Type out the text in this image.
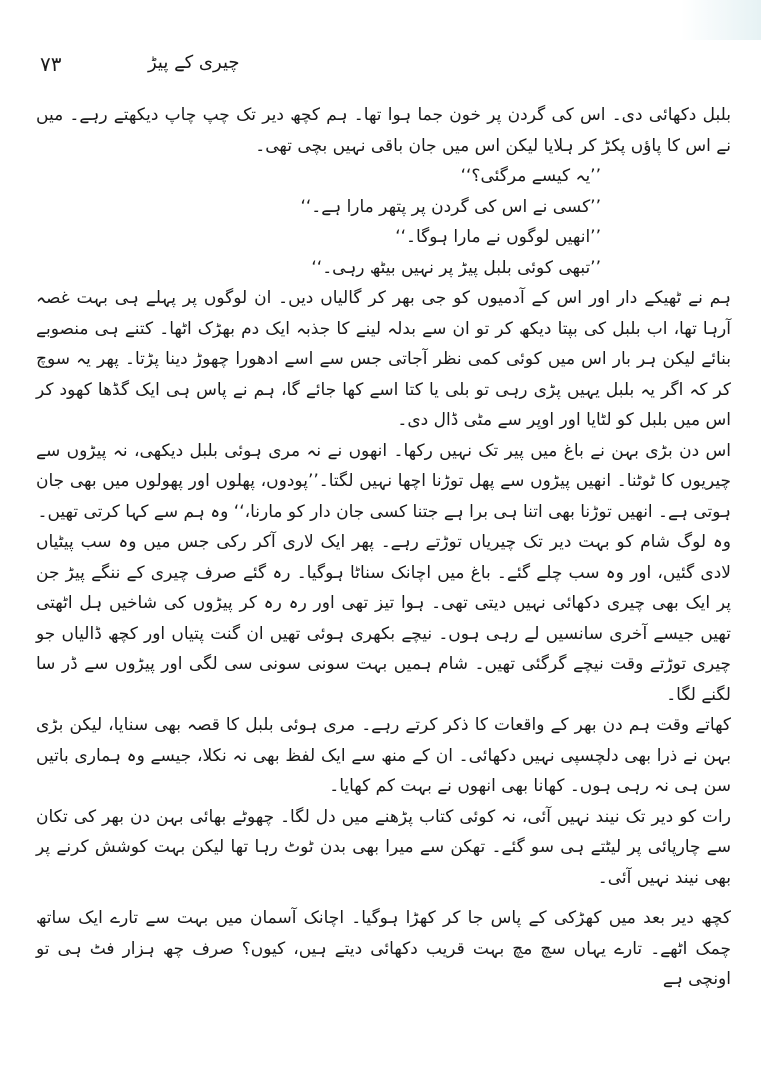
۳۷	چیری کے پیڑ
بلبل دکھائی دی۔ اس کی گردن پر خون جما ہوا تھا۔ ہم کچھ دیر تک چپ چاپ دیکھتے رہے۔ میں نے اس کا پاؤں پکڑ کر ہلایا لیکن اس میں جان باقی نہیں بچی تھی۔
’’یہ کیسے مرگئی؟‘‘
’’کسی نے اس کی گردن پر پتھر مارا ہے۔‘‘
’’انھیں لوگوں نے مارا ہوگا۔‘‘
’’تبھی کوئی بلبل پیڑ پر نہیں بیٹھ رہی۔‘‘
ہم نے ٹھیکے دار اور اس کے آدمیوں کو جی بھر کر گالیاں دیں۔ ان لوگوں پر پہلے ہی بہت غصہ آرہا تھا، اب بلبل کی بپتا دیکھ کر تو ان سے بدلہ لینے کا جذبہ ایک دم بھڑک اٹھا۔ کتنے ہی منصوبے بنائے لیکن ہر بار اس میں کوئی کمی نظر آجاتی جس سے اسے ادھورا چھوڑ دینا پڑتا۔ پھر یہ سوچ کر کہ اگر یہ بلبل یہیں پڑی رہی تو بلی یا کتا اسے کھا جائے گا، ہم نے پاس ہی ایک گڈھا کھود کر اس میں بلبل کو لٹایا اور اوپر سے مٹی ڈال دی۔
اس دن بڑی بہن نے باغ میں پیر تک نہیں رکھا۔ انھوں نے نہ مری ہوئی بلبل دیکھی، نہ پیڑوں سے چیریوں کا ٹوٹنا۔ انھیں پیڑوں سے پھل توڑنا اچھا نہیں لگتا۔’’پودوں، پھلوں اور پھولوں میں بھی جان ہوتی ہے۔ انھیں توڑنا بھی اتنا ہی برا ہے جتنا کسی جان دار کو مارنا،‘‘ وہ ہم سے کہا کرتی تھیں۔
وہ لوگ شام کو بہت دیر تک چیریاں توڑتے رہے۔ پھر ایک لاری آکر رکی جس میں وہ سب پیٹیاں لادی گئیں، اور وہ سب چلے گئے۔ باغ میں اچانک سناٹا ہوگیا۔ رہ گئے صرف چیری کے ننگے پیڑ جن پر ایک بھی چیری دکھائی نہیں دیتی تھی۔ ہوا تیز تھی اور رہ رہ کر پیڑوں کی شاخیں ہل اٹھتی تھیں جیسے آخری سانسیں لے رہی ہوں۔ نیچے بکھری ہوئی تھیں ان گنت پتیاں اور کچھ ڈالیاں جو چیری توڑتے وقت نیچے گرگئی تھیں۔ شام ہمیں بہت سونی سونی سی لگی اور پیڑوں سے ڈر سا لگنے لگا۔
کھاتے وقت ہم دن بھر کے واقعات کا ذکر کرتے رہے۔ مری ہوئی بلبل کا قصہ بھی سنایا، لیکن بڑی بہن نے ذرا بھی دلچسپی نہیں دکھائی۔ ان کے منھ سے ایک لفظ بھی نہ نکلا، جیسے وہ ہماری باتیں سن ہی نہ رہی ہوں۔ کھانا بھی انھوں نے بہت کم کھایا۔
رات کو دیر تک نیند نہیں آئی، نہ کوئی کتاب پڑھنے میں دل لگا۔ چھوٹے بھائی بہن دن بھر کی تکان سے چارپائی پر لیٹتے ہی سو گئے۔ تھکن سے میرا بھی بدن ٹوٹ رہا تھا لیکن بہت کوشش کرنے پر بھی نیند نہیں آئی۔
کچھ دیر بعد میں کھڑکی کے پاس جا کر کھڑا ہوگیا۔ اچانک آسمان میں بہت سے تارے ایک ساتھ چمک اٹھے۔ تارے یہاں سچ مچ بہت قریب دکھائی دیتے ہیں، کیوں؟ صرف چھ ہزار فٹ ہی تو اونچی ہے
